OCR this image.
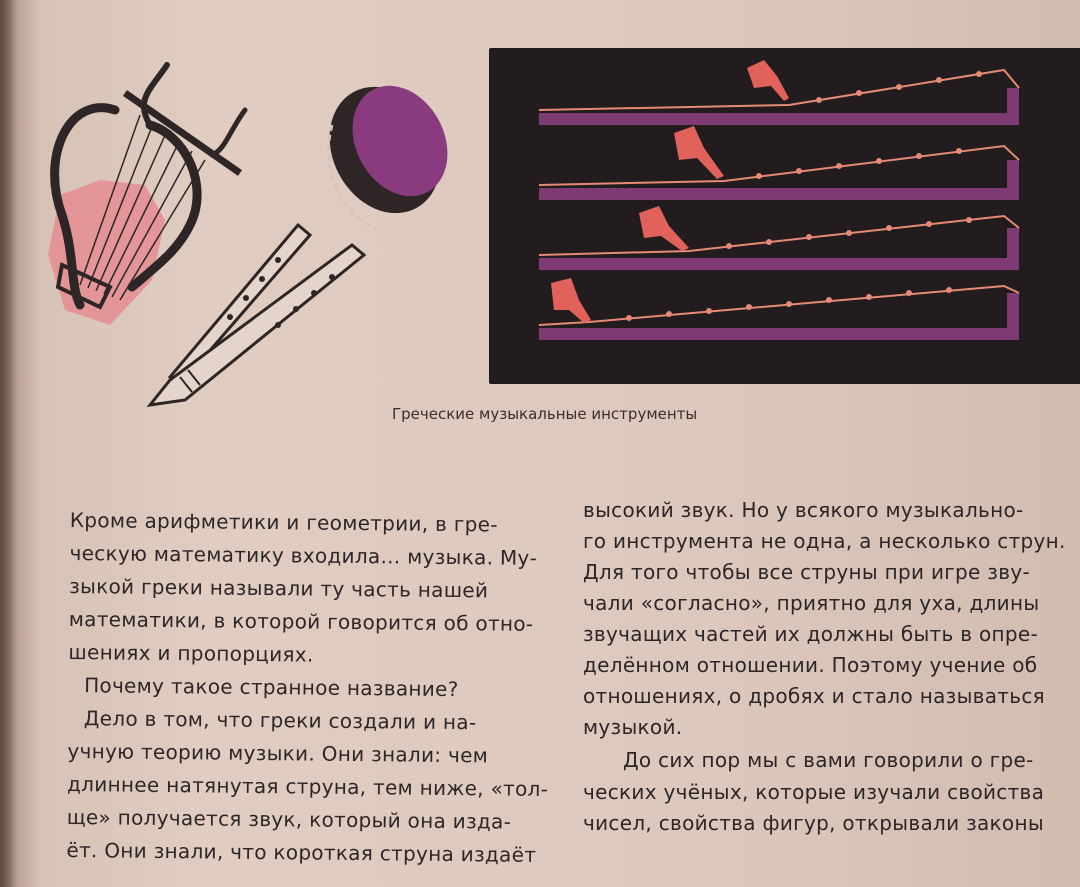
Греческие музыкальные инструменты
Кроме арифметики и геометрии, в гре-
ческую математику входила... музыка. Му-
зыкой греки называли ту часть нашей
математики, в которой говорится об отно-
шениях и пропорциях.
Почему такое странное название?
Дело в том, что греки создали и на-
учную теорию музыки. Они знали: чем
длиннее натянутая струна, тем ниже, «тол-
ще» получается звук, который она изда-
ёт. Они знали, что короткая струна издаёт
высокий звук. Но у всякого музыкально-
го инструмента не одна, а несколько струн.
Для того чтобы все струны при игре зву-
чали «согласно», приятно для уха, длины
звучащих частей их должны быть в опре-
делённом отношении. Поэтому учение об
отношениях, о дробях и стало называться
музыкой.
До сих пор мы с вами говорили о гре-
ческих учёных, которые изучали свойства
чисел, свойства фигур, открывали законы
